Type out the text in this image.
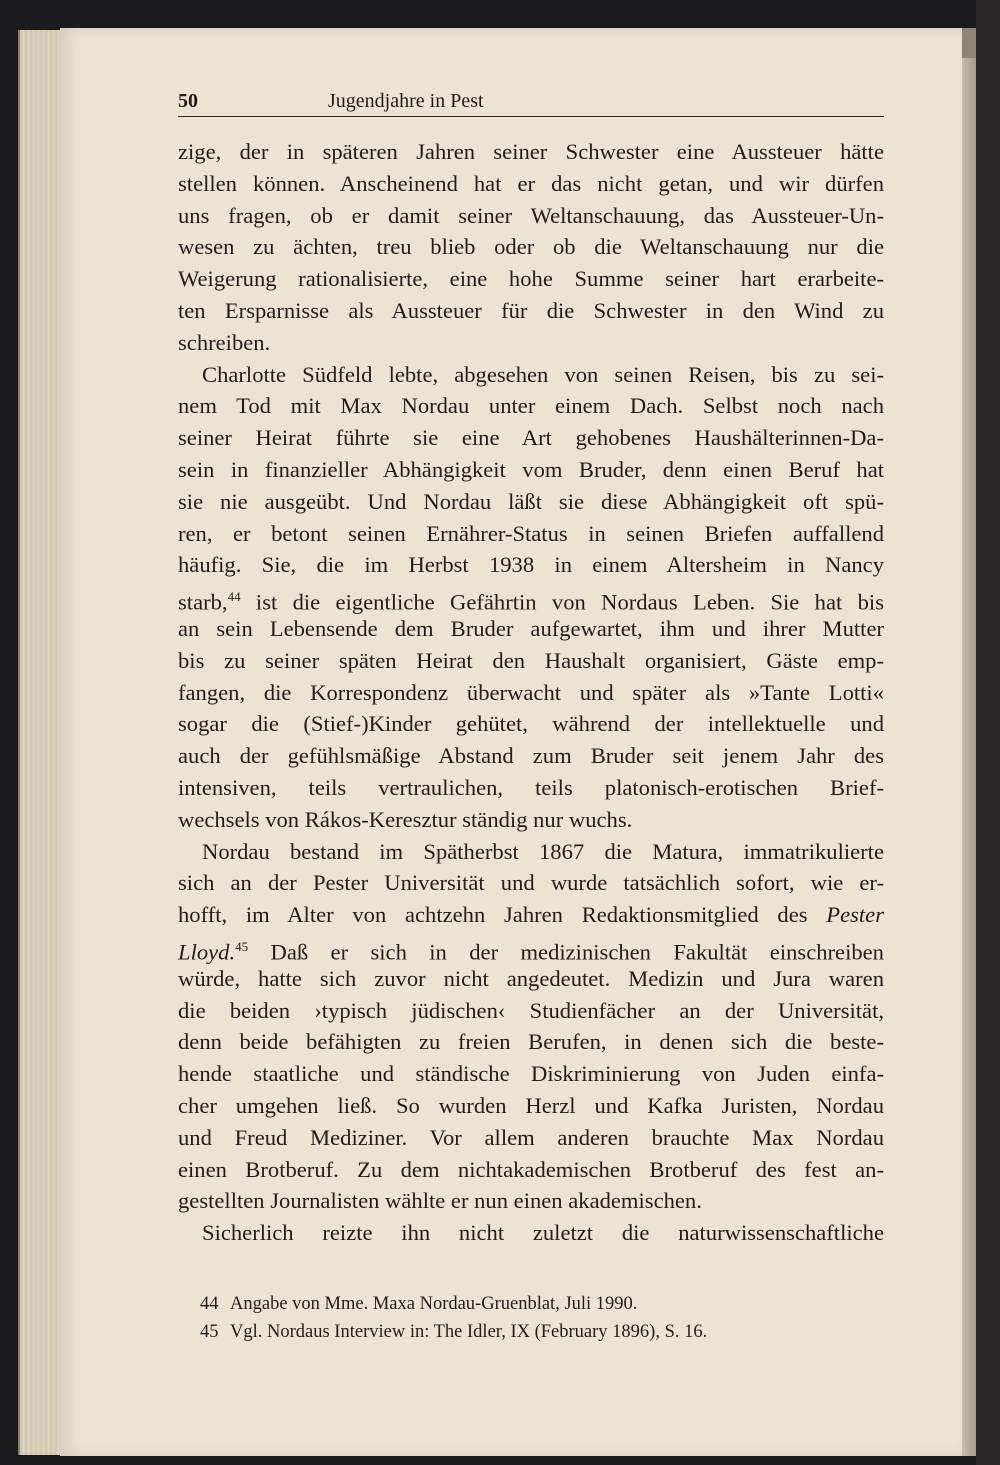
50	Jugendjahre in Pest
zige, der in späteren Jahren seiner Schwester eine Aussteuer hätte
stellen können. Anscheinend hat er das nicht getan, und wir dürfen
uns fragen, ob er damit seiner Weltanschauung, das Aussteuer-Un-
wesen zu ächten, treu blieb oder ob die Weltanschauung nur die
Weigerung rationalisierte, eine hohe Summe seiner hart erarbeite-
ten Ersparnisse als Aussteuer für die Schwester in den Wind zu
schreiben.
Charlotte Südfeld lebte, abgesehen von seinen Reisen, bis zu sei-
nem Tod mit Max Nordau unter einem Dach. Selbst noch nach
seiner Heirat führte sie eine Art gehobenes Haushälterinnen-Da-
sein in finanzieller Abhängigkeit vom Bruder, denn einen Beruf hat
sie nie ausgeübt. Und Nordau läßt sie diese Abhängigkeit oft spü-
ren, er betont seinen Ernährer-Status in seinen Briefen auffallend
häufig. Sie, die im Herbst 1938 in einem Altersheim in Nancy
starb,$^{44}$ ist die eigentliche Gefährtin von Nordaus Leben. Sie hat bis
an sein Lebensende dem Bruder aufgewartet, ihm und ihrer Mutter
bis zu seiner späten Heirat den Haushalt organisiert, Gäste emp-
fangen, die Korrespondenz überwacht und später als »Tante Lotti«
sogar die (Stief-)Kinder gehütet, während der intellektuelle und
auch der gefühlsmäßige Abstand zum Bruder seit jenem Jahr des
intensiven, teils vertraulichen, teils platonisch-erotischen Brief-
wechsels von Rákos-Keresztur ständig nur wuchs.
Nordau bestand im Spätherbst 1867 die Matura, immatrikulierte
sich an der Pester Universität und wurde tatsächlich sofort, wie er-
hofft, im Alter von achtzehn Jahren Redaktionsmitglied des Pester
Lloyd.$^{45}$ Daß er sich in der medizinischen Fakultät einschreiben
würde, hatte sich zuvor nicht angedeutet. Medizin und Jura waren
die beiden ›typisch jüdischen‹ Studienfächer an der Universität,
denn beide befähigten zu freien Berufen, in denen sich die beste-
hende staatliche und ständische Diskriminierung von Juden einfa-
cher umgehen ließ. So wurden Herzl und Kafka Juristen, Nordau
und Freud Mediziner. Vor allem anderen brauchte Max Nordau
einen Brotberuf. Zu dem nichtakademischen Brotberuf des fest an-
gestellten Journalisten wählte er nun einen akademischen.
Sicherlich reizte ihn nicht zuletzt die naturwissenschaftliche
44 Angabe von Mme. Maxa Nordau-Gruenblat, Juli 1990.
45 Vgl. Nordaus Interview in: The Idler, IX (February 1896), S. 16.
